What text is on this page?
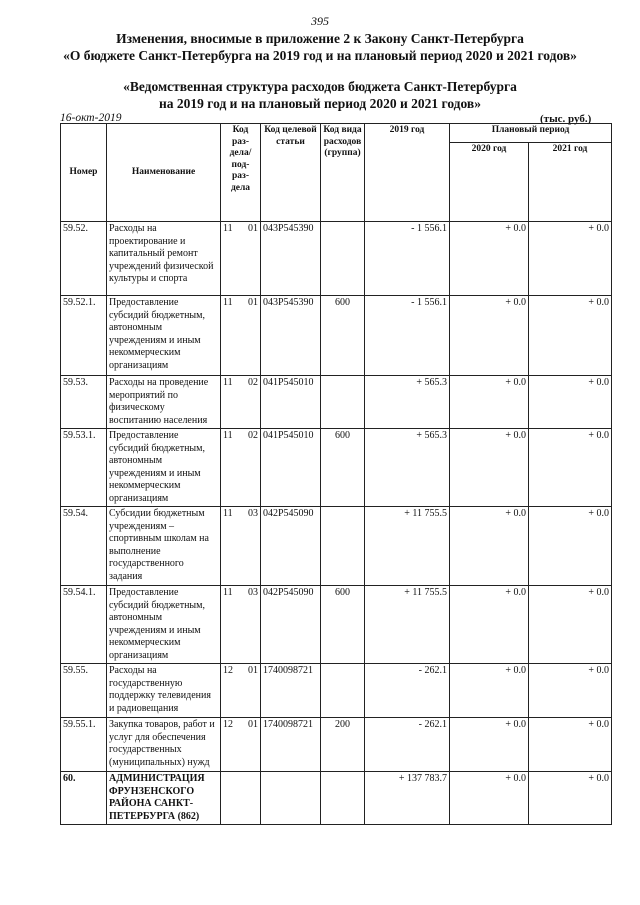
395
Изменения, вносимые в приложение 2 к Закону Санкт-Петербурга
«О бюджете Санкт-Петербурга на 2019 год и на плановый период 2020 и 2021 годов»
«Ведомственная структура расходов бюджета Санкт-Петербурга
на 2019 год и на плановый период 2020 и 2021 годов»
16-окт-2019	(тыс. руб.)
Номер	Наименование	Код раз- дела/ под- раз- дела	Код целевой статьи	Код вида расходов (группа)	2019 год	Плановый период	
						2020 год	2021 год
59.52.	Расходы на проектирование и капитальный ремонт учреждений физической культуры и спорта	11 01	043P545390		- 1 556.1	+ 0.0	+ 0.0
59.52.1.	Предоставление субсидий бюджетным, автономным учреждениям и иным некоммерческим организациям	11 01	043P545390	600	- 1 556.1	+ 0.0	+ 0.0
59.53.	Расходы на проведение мероприятий по физическому воспитанию населения	11 02	041P545010		+ 565.3	+ 0.0	+ 0.0
59.53.1.	Предоставление субсидий бюджетным, автономным учреждениям и иным некоммерческим организациям	11 02	041P545010	600	+ 565.3	+ 0.0	+ 0.0
59.54.	Субсидии бюджетным учреждениям – спортивным школам на выполнение государственного задания	11 03	042P545090		+ 11 755.5	+ 0.0	+ 0.0
59.54.1.	Предоставление субсидий бюджетным, автономным учреждениям и иным некоммерческим организациям	11 03	042P545090	600	+ 11 755.5	+ 0.0	+ 0.0
59.55.	Расходы на государственную поддержку телевидения и радиовещания	12 01	1740098721		- 262.1	+ 0.0	+ 0.0
59.55.1.	Закупка товаров, работ и услуг для обеспечения государственных (муниципальных) нужд	12 01	1740098721	200	- 262.1	+ 0.0	+ 0.0
60.	АДМИНИСТРАЦИЯ ФРУНЗЕНСКОГО РАЙОНА САНКТ-ПЕТЕРБУРГА (862)				+ 137 783.7	+ 0.0	+ 0.0
